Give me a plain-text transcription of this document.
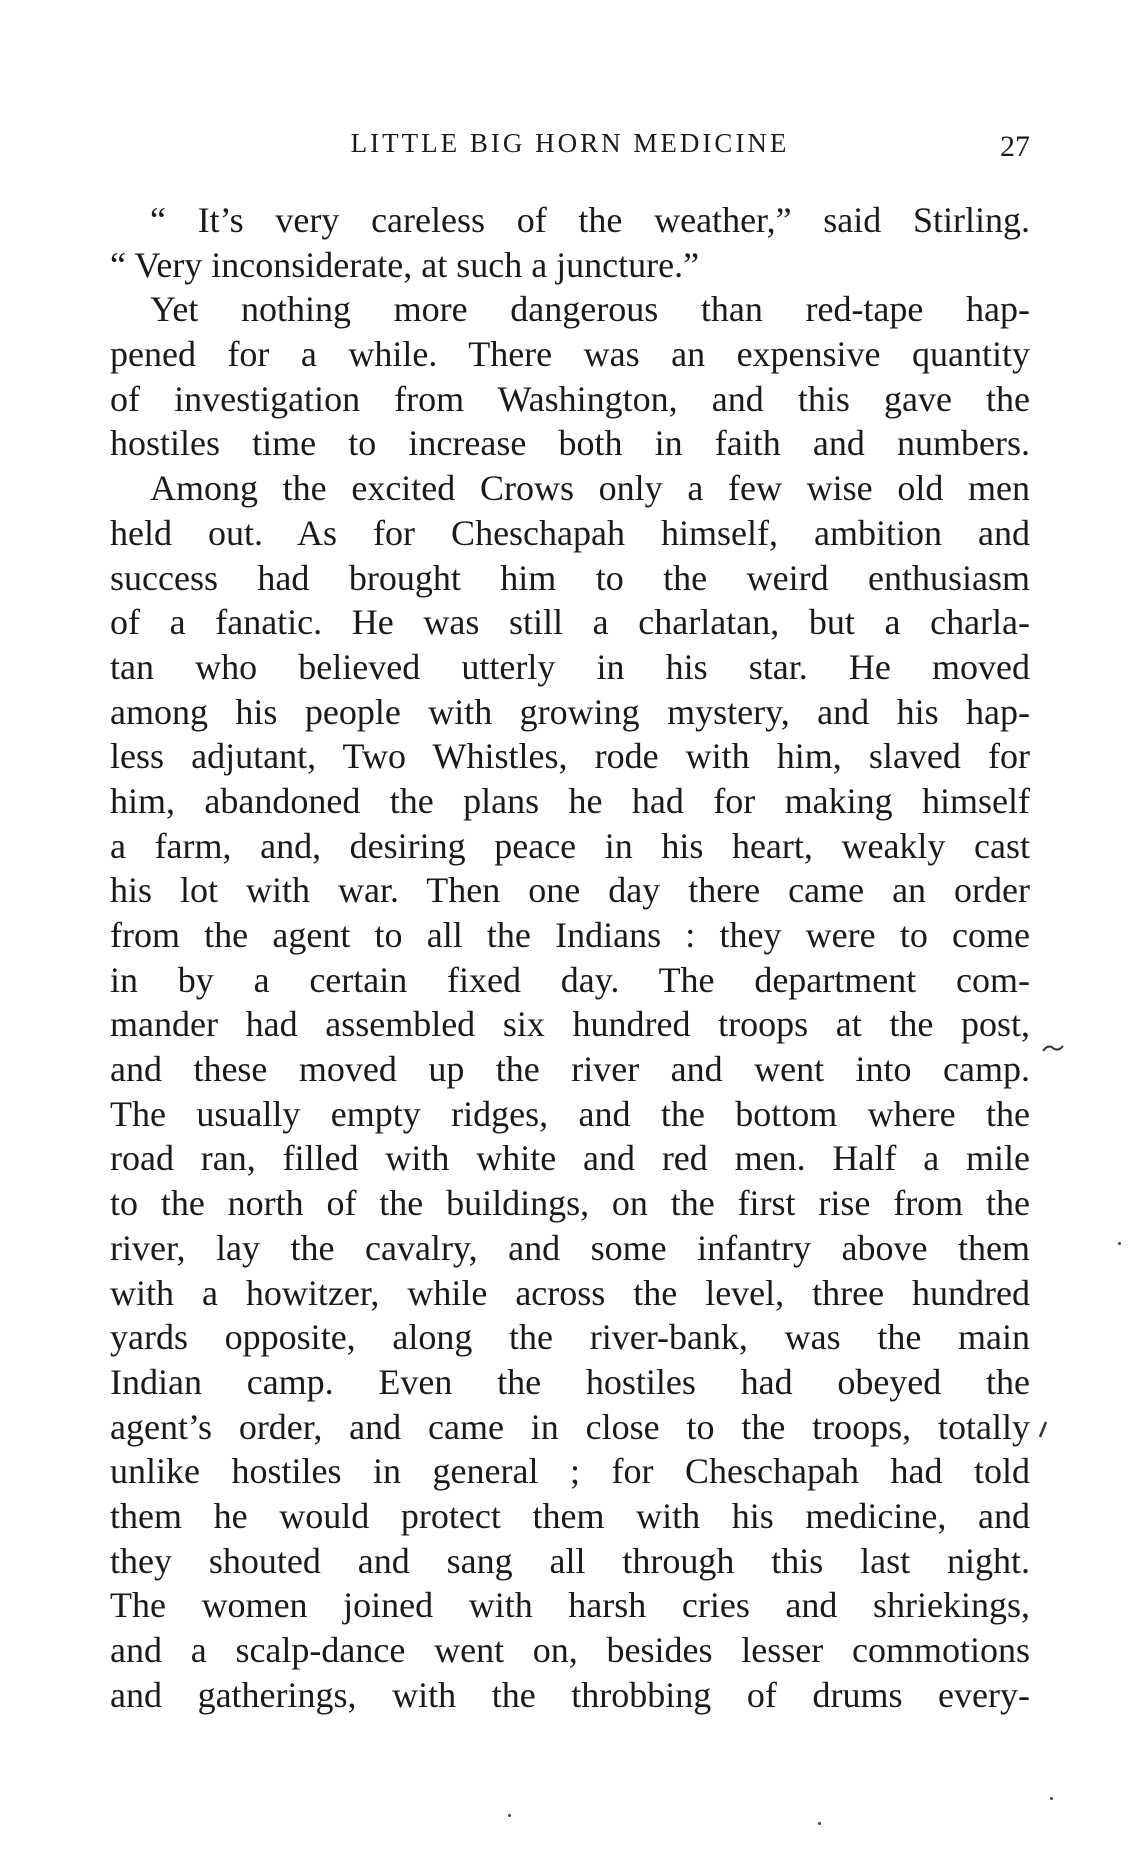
LITTLE BIG HORN MEDICINE	27
“ It’s very careless of the weather,” said Stirling.
“ Very inconsiderate, at such a juncture.”
Yet nothing more dangerous than red-tape hap-
pened for a while. There was an expensive quantity
of investigation from Washington, and this gave the
hostiles time to increase both in faith and numbers.
Among the excited Crows only a few wise old men
held out. As for Cheschapah himself, ambition and
success had brought him to the weird enthusiasm
of a fanatic. He was still a charlatan, but a charla-
tan who believed utterly in his star. He moved
among his people with growing mystery, and his hap-
less adjutant, Two Whistles, rode with him, slaved for
him, abandoned the plans he had for making himself
a farm, and, desiring peace in his heart, weakly cast
his lot with war. Then one day there came an order
from the agent to all the Indians : they were to come
in by a certain fixed day. The department com-
mander had assembled six hundred troops at the post,
and these moved up the river and went into camp.
The usually empty ridges, and the bottom where the
road ran, filled with white and red men. Half a mile
to the north of the buildings, on the first rise from the
river, lay the cavalry, and some infantry above them
with a howitzer, while across the level, three hundred
yards opposite, along the river-bank, was the main
Indian camp. Even the hostiles had obeyed the
agent’s order, and came in close to the troops, totally
unlike hostiles in general ; for Cheschapah had told
them he would protect them with his medicine, and
they shouted and sang all through this last night.
The women joined with harsh cries and shriekings,
and a scalp-dance went on, besides lesser commotions
and gatherings, with the throbbing of drums every-
